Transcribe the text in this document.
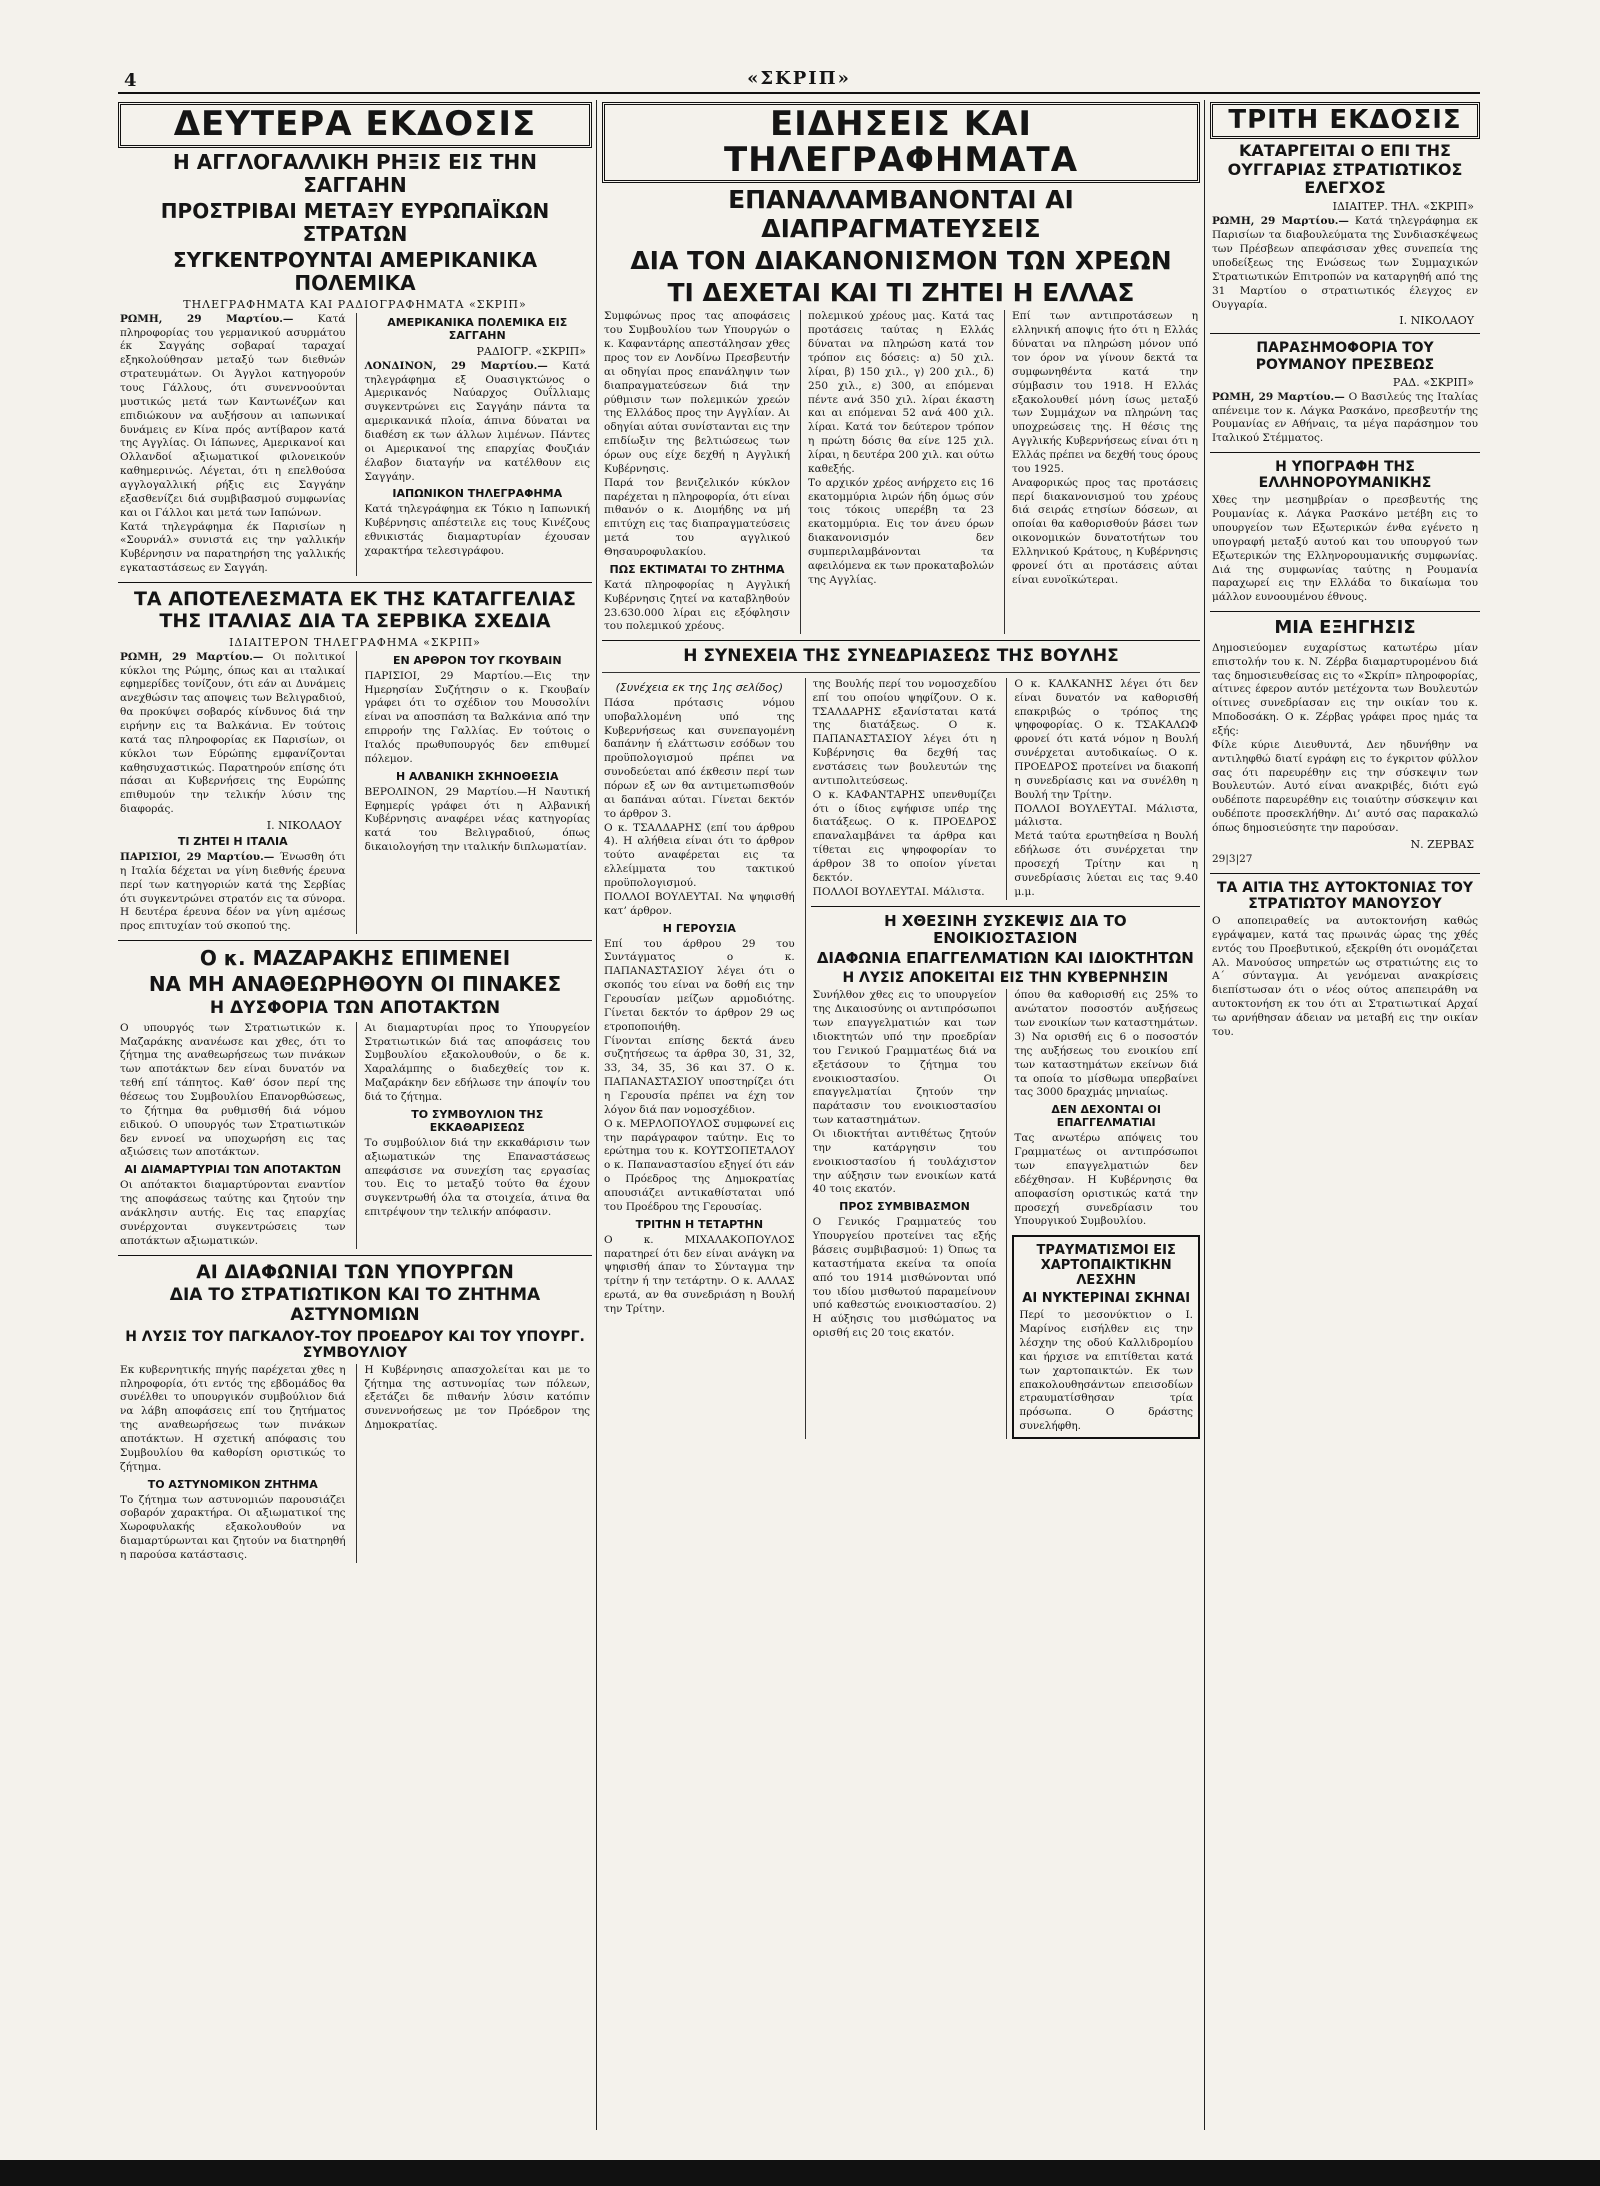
4	«ΣΚΡΙΠ»
ΔΕΥΤΕΡΑ ΕΚΔΟΣΙΣ
Η ΑΓΓΛΟΓΑΛΛΙΚΗ ΡΗΞΙΣ ΕΙΣ ΤΗΝ ΣΑΓΓΑΗΝ
ΠΡΟΣΤΡΙΒΑΙ ΜΕΤΑΞΥ ΕΥΡΩΠΑΪΚΩΝ ΣΤΡΑΤΩΝ
ΣΥΓΚΕΝΤΡΟΥΝΤΑΙ ΑΜΕΡΙΚΑΝΙΚΑ ΠΟΛΕΜΙΚΑ
ΤΗΛΕΓΡΑΦΗΜΑΤΑ ΚΑΙ ΡΑΔΙΟΓΡΑΦΗΜΑΤΑ «ΣΚΡΙΠ»

ΡΩΜΗ, 29 Μαρτίου.— Κατά πληροφορίας του γερμανικού ασυρμάτου έκ Σαγγάης σοβαραί ταραχαί εξηκολούθησαν μεταξύ των διεθνών στρατευμάτων. Οι Άγγλοι κατηγορούν τους Γάλλους, ότι συνεννοούνται μυστικώς μετά των Καντωνέζων και επιδιώκουν να αυξήσουν αι ιαπωνικαί δυνάμεις εν Κίνα πρός αντίβαρον κατά της Αγγλίας. Οι Ιάπωνες, Αμερικανοί και Ολλανδοί αξιωματικοί φιλονεικούν καθημερινώς. Λέγεται, ότι η επελθούσα αγγλογαλλική ρήξις εις Σαγγάην εξασθενίζει διά συμβιβασμού συμφωνίας και οι Γάλλοι και μετά των Ιαπώνων.

Κατά τηλεγράφημα έκ Παρισίων η «Σουρνάλ» συνιστά εις την γαλλικήν Κυβέρνησιν να παρατηρήση της γαλλικής εγκαταστάσεως εν Σαγγάη.

ΑΜΕΡΙΚΑΝΙΚΑ ΠΟΛΕΜΙΚΑ ΕΙΣ ΣΑΓΓΑΗΝ
ΡΑΔΙΟΓΡ. «ΣΚΡΙΠ»

ΛΟΝΔΙΝΟΝ, 29 Μαρτίου.— Κατά τηλεγράφημα εξ Ουασιγκτώνος ο Αμερικανός Ναύαρχος Ουΐλλιαμς συγκεντρώνει εις Σαγγάην πάντα τα αμερικανικά πλοία, άπινα δύναται να διαθέση εκ των άλλων λιμένων. Πάντες οι Αμερικανοί της επαρχίας Φουζιάν έλαβον διαταγήν να κατέλθουν εις Σαγγάην.

ΙΑΠΩΝΙΚΟΝ ΤΗΛΕΓΡΑΦΗΜΑ

Κατά τηλεγράφημα εκ Τόκιο η Ιαπωνική Κυβέρνησις απέστειλε εις τους Κινέζους εθνικιστάς διαμαρτυρίαν έχουσαν χαρακτήρα τελεσιγράφου.

ΤΑ ΑΠΟΤΕΛΕΣΜΑΤΑ ΕΚ ΤΗΣ ΚΑΤΑΓΓΕΛΙΑΣ ΤΗΣ ΙΤΑΛΙΑΣ ΔΙΑ ΤΑ ΣΕΡΒΙΚΑ ΣΧΕΔΙΑ
ΙΔΙΑΙΤΕΡΟΝ ΤΗΛΕΓΡΑΦΗΜΑ «ΣΚΡΙΠ»

ΡΩΜΗ, 29 Μαρτίου.— Οι πολιτικοί κύκλοι της Ρώμης, όπως και αι ιταλικαί εφημερίδες τονίζουν, ότι εάν αι Δυνάμεις ανεχθώσιν τας αποψεις των Βελιγραδιού, θα προκύψει σοβαρός κίνδυνος διά την ειρήνην εις τα Βαλκάνια. Εν τούτοις κατά τας πληροφορίας εκ Παρισίων, οι κύκλοι των Εύρώπης εμφανίζονται καθησυχαστικώς. Παρατηρούν επίσης ότι πάσαι αι Κυβερνήσεις της Ευρώπης επιθυμούν την τελικήν λύσιν της διαφοράς.

Ι. ΝΙΚΟΛΑΟΥ
ΤΙ ΖΗΤΕΙ Η ΙΤΑΛΙΑ

ΠΑΡΙΣΙΟΙ, 29 Μαρτίου.— Ένωσθη ότι η Ιταλία δέχεται να γίνη διεθνής έρευνα περί των κατηγοριών κατά της Σερβίας ότι συγκεντρώνει στρατόν εις τα σύνορα. Η δευτέρα έρευνα δέον να γίνη αμέσως προς επιτυχίαν τού σκοπού της.

ΕΝ ΑΡΘΡΟΝ ΤΟΥ ΓΚΟΥΒΑΙΝ

ΠΑΡΙΣΙΟΙ, 29 Μαρτίου.—Εις την Ημερησίαν Συζήτησιν ο κ. Γκουβαίν γράφει ότι το σχέδιον του Μουσολίνι είναι να αποσπάση τα Βαλκάνια από την επιρροήν της Γαλλίας. Εν τούτοις ο Ιταλός πρωθυπουργός δεν επιθυμεί πόλεμον.

Η ΑΛΒΑΝΙΚΗ ΣΚΗΝΟΘΕΣΙΑ

ΒΕΡΟΛΙΝΟΝ, 29 Μαρτίου.—Η Ναυτική Εφημερίς γράφει ότι η Αλβανική Κυβέρνησις αναφέρει νέας κατηγορίας κατά του Βελιγραδιού, όπως δικαιολογήση την ιταλικήν διπλωματίαν.

Ο κ. ΜΑΖΑΡΑΚΗΣ ΕΠΙΜΕΝΕΙ
ΝΑ ΜΗ ΑΝΑΘΕΩΡΗΘΟΥΝ ΟΙ ΠΙΝΑΚΕΣ
Η ΔΥΣΦΟΡΙΑ ΤΩΝ ΑΠΟΤΑΚΤΩΝ

Ο υπουργός των Στρατιωτικών κ. Μαζαράκης ανανέωσε και χθες, ότι το ζήτημα της αναθεωρήσεως των πινάκων των αποτάκτων δεν είναι δυνατόν να τεθή επί τάπητος. Καθ’ όσον περί της θέσεως του Συμβουλίου Επανορθώσεως, το ζήτημα θα ρυθμισθή διά νόμου ειδικού. Ο υπουργός των Στρατιωτικών δεν εννοεί να υποχωρήση εις τας αξιώσεις των αποτάκτων.

ΑΙ ΔΙΑΜΑΡΤΥΡΙΑΙ ΤΩΝ ΑΠΟΤΑΚΤΩΝ

Οι απότακτοι διαμαρτύρονται εναντίον της αποφάσεως ταύτης και ζητούν την ανάκλησιν αυτής. Εις τας επαρχίας συνέρχονται συγκεντρώσεις των αποτάκτων αξιωματικών.

Αι διαμαρτυρίαι προς το Υπουργείον Στρατιωτικών διά τας αποφάσεις του Συμβουλίου εξακολουθούν, ο δε κ. Χαραλάμπης ο διαδεχθείς τον κ. Μαζαράκην δεν εδήλωσε την άποψίν του διά το ζήτημα.

ΤΟ ΣΥΜΒΟΥΛΙΟΝ ΤΗΣ ΕΚΚΑΘΑΡΙΣΕΩΣ

Το συμβούλιον διά την εκκαθάρισιν των αξιωματικών της Επαναστάσεως απεφάσισε να συνεχίση τας εργασίας του. Εις το μεταξύ τούτο θα έχουν συγκεντρωθή όλα τα στοιχεία, άτινα θα επιτρέψουν την τελικήν απόφασιν.

ΑΙ ΔΙΑΦΩΝΙΑΙ ΤΩΝ ΥΠΟΥΡΓΩΝ
ΔΙΑ ΤΟ ΣΤΡΑΤΙΩΤΙΚΟΝ ΚΑΙ ΤΟ ΖΗΤΗΜΑ ΑΣΤΥΝΟΜΙΩΝ
Η ΛΥΣΙΣ ΤΟΥ ΠΑΓΚΑΛΟΥ-ΤΟΥ ΠΡΟΕΔΡΟΥ ΚΑΙ ΤΟΥ ΥΠΟΥΡΓ. ΣΥΜΒΟΥΛΙΟΥ

Εκ κυβερνητικής πηγής παρέχεται χθες η πληροφορία, ότι εντός της εβδομάδος θα συνέλθει το υπουργικόν συμβούλιον διά να λάβη αποφάσεις επί του ζητήματος της αναθεωρήσεως των πινάκων αποτάκτων. Η σχετική απόφασις του Συμβουλίου θα καθορίση οριστικώς το ζήτημα.

ΤΟ ΑΣΤΥΝΟΜΙΚΟΝ ΖΗΤΗΜΑ

Το ζήτημα των αστυνομιών παρουσιάζει σοβαρόν χαρακτήρα. Οι αξιωματικοί της Χωροφυλακής εξακολουθούν να διαμαρτύρωνται και ζητούν να διατηρηθή η παρούσα κατάστασις.

Η Κυβέρνησις απασχολείται και με το ζήτημα της αστυνομίας των πόλεων, εξετάζει δε πιθανήν λύσιν κατόπιν συνεννοήσεως με τον Πρόεδρον της Δημοκρατίας.

ΕΙΔΗΣΕΙΣ ΚΑΙ ΤΗΛΕΓΡΑΦΗΜΑΤΑ
ΕΠΑΝΑΛΑΜΒΑΝΟΝΤΑΙ ΑΙ ΔΙΑΠΡΑΓΜΑΤΕΥΣΕΙΣ
ΔΙΑ ΤΟΝ ΔΙΑΚΑΝΟΝΙΣΜΟΝ ΤΩΝ ΧΡΕΩΝ
ΤΙ ΔΕΧΕΤΑΙ ΚΑΙ ΤΙ ΖΗΤΕΙ Η ΕΛΛΑΣ

Συμφώνως προς τας αποφάσεις του Συμβουλίου των Υπουργών ο κ. Καφαντάρης απεστάλησαν χθες προς τον εν Λονδίνω Πρεσβευτήν αι οδηγίαι προς επανάληψιν των διαπραγματεύσεων διά την ρύθμισιν των πολεμικών χρεών της Ελλάδος προς την Αγγλίαν. Αι οδηγίαι αύται συνίστανται εις την επιδίωξιν της βελτιώσεως των όρων ους είχε δεχθή η Αγγλική Κυβέρνησις.

Παρά τον βενιζελικόν κύκλον παρέχεται η πληροφορία, ότι είναι πιθανόν ο κ. Διομήδης να μή επιτύχη εις τας διαπραγματεύσεις μετά του αγγλικού Θησαυροφυλακίου.

ΠΩΣ ΕΚΤΙΜΑΤΑΙ ΤΟ ΖΗΤΗΜΑ

Κατά πληροφορίας η Αγγλική Κυβέρνησις ζητεί να καταβληθούν 23.630.000 λίραι εις εξόφλησιν του πολεμικού χρέους.

πολεμικού χρέους μας. Κατά τας προτάσεις ταύτας η Ελλάς δύναται να πληρώση κατά τον τρόπον εις δόσεις: α) 50 χιλ. λίραι, β) 150 χιλ., γ) 200 χιλ., δ) 250 χιλ., ε) 300, αι επόμεναι πέντε ανά 350 χιλ. λίραι έκαστη και αι επόμεναι 52 ανά 400 χιλ. λίραι. Κατά τον δεύτερον τρόπον η πρώτη δόσις θα είνε 125 χιλ. λίραι, η δευτέρα 200 χιλ. και ούτω καθεξής.

Το αρχικόν χρέος ανήρχετο εις 16 εκατομμύρια λιρών ήδη όμως σύν τοις τόκοις υπερέβη τα 23 εκατομμύρια. Εις τον άνευ όρων διακανονισμόν δεν συμπεριλαμβάνονται τα αφειλόμενα εκ των προκαταβολών της Αγγλίας.

Επί των αντιπροτάσεων η ελληνική αποψις ήτο ότι η Ελλάς δύναται να πληρώση μόνον υπό τον όρον να γίνουν δεκτά τα συμφωνηθέντα κατά την σύμβασιν του 1918. Η Ελλάς εξακολουθεί μόνη ίσως μεταξύ των Συμμάχων να πληρώνη τας υποχρεώσεις της. Η θέσις της Αγγλικής Κυβερνήσεως είναι ότι η Ελλάς πρέπει να δεχθή τους όρους του 1925.

Αναφορικώς προς τας προτάσεις περί διακανονισμού του χρέους διά σειράς ετησίων δόσεων, αι οποίαι θα καθορισθούν βάσει των οικονομικών δυνατοτήτων του Ελληνικού Κράτους, η Κυβέρνησις φρονεί ότι αι προτάσεις αύται είναι ευνοϊκώτεραι.

Η ΣΥΝΕΧΕΙΑ ΤΗΣ ΣΥΝΕΔΡΙΑΣΕΩΣ ΤΗΣ ΒΟΥΛΗΣ
(Συνέχεια εκ της 1ης σελίδος)

Πάσα πρότασις νόμου υποβαλλομένη υπό της Κυβερνήσεως και συνεπαγομένη δαπάνην ή ελάττωσιν εσόδων του προϋπολογισμού πρέπει να συνοδεύεται από έκθεσιν περί των πόρων εξ ων θα αντιμετωπισθούν αι δαπάναι αύται. Γίνεται δεκτόν το άρθρον 3.

Ο κ. ΤΣΑΛΔΑΡΗΣ (επί του άρθρου 4). Η αλήθεια είναι ότι το άρθρον τούτο αναφέρεται εις τα ελλείμματα του τακτικού προϋπολογισμού.

ΠΟΛΛΟΙ ΒΟΥΛΕΥΤΑΙ. Να ψηφισθή κατ’ άρθρον.

Η ΓΕΡΟΥΣΙΑ

Επί του άρθρου 29 του Συντάγματος ο κ. ΠΑΠΑΝΑΣΤΑΣΙΟΥ λέγει ότι ο σκοπός του είναι να δοθή εις την Γερουσίαν μείζων αρμοδιότης. Γίνεται δεκτόν το άρθρον 29 ως ετροποποιήθη.

Γίνονται επίσης δεκτά άνευ συζητήσεως τα άρθρα 30, 31, 32, 33, 34, 35, 36 και 37. Ο κ. ΠΑΠΑΝΑΣΤΑΣΙΟΥ υποστηρίζει ότι η Γερουσία πρέπει να έχη τον λόγον διά παν νομοσχέδιον.

Ο κ. ΜΕΡΛΟΠΟΥΛΟΣ συμφωνεί εις την παράγραφον ταύτην. Εις το ερώτημα του κ. ΚΟΥΤΣΟΠΕΤΑΛΟΥ ο κ. Παπαναστασίου εξηγεί ότι εάν ο Πρόεδρος της Δημοκρατίας απουσιάζει αντικαθίσταται υπό του Προέδρου της Γερουσίας.

ΤΡΙΤΗΝ Η ΤΕΤΑΡΤΗΝ

Ο κ. ΜΙΧΑΛΑΚΟΠΟΥΛΟΣ παρατηρεί ότι δεν είναι ανάγκη να ψηφισθή άπαν το Σύνταγμα την τρίτην ή την τετάρτην. Ο κ. ΑΛΛΑΣ ερωτά, αν θα συνεδριάση η Βουλή την Τρίτην.

της Βουλής περί του νομοσχεδίου επί του οποίου ψηφίζουν. Ο κ. ΤΣΑΛΔΑΡΗΣ εξανίσταται κατά της διατάξεως. Ο κ. ΠΑΠΑΝΑΣΤΑΣΙΟΥ λέγει ότι η Κυβέρνησις θα δεχθή τας ενστάσεις των βουλευτών της αντιπολιτεύσεως.

Ο κ. ΚΑΦΑΝΤΑΡΗΣ υπενθυμίζει ότι ο ίδιος εψήφισε υπέρ της διατάξεως. Ο κ. ΠΡΟΕΔΡΟΣ επαναλαμβάνει τα άρθρα και τίθεται εις ψηφοφορίαν το άρθρον 38 το οποίον γίνεται δεκτόν.

ΠΟΛΛΟΙ ΒΟΥΛΕΥΤΑΙ. Μάλιστα.

Ο κ. ΚΑΛΚΑΝΗΣ λέγει ότι δεν είναι δυνατόν να καθορισθή επακριβώς ο τρόπος της ψηφοφορίας. Ο κ. ΤΣΑΚΑΛΩΦ φρονεί ότι κατά νόμον η Βουλή συνέρχεται αυτοδικαίως. Ο κ. ΠΡΟΕΔΡΟΣ προτείνει να διακοπή η συνεδρίασις και να συνέλθη η Βουλή την Τρίτην.

ΠΟΛΛΟΙ ΒΟΥΛΕΥΤΑΙ. Μάλιστα, μάλιστα.

Μετά ταύτα ερωτηθείσα η Βουλή εδήλωσε ότι συνέρχεται την προσεχή Τρίτην και η συνεδρίασις λύεται εις τας 9.40 μ.μ.

Η ΧΘΕΣΙΝΗ ΣΥΣΚΕΨΙΣ ΔΙΑ ΤΟ ΕΝΟΙΚΙΟΣΤΑΣΙΟΝ
ΔΙΑΦΩΝΙΑ ΕΠΑΓΓΕΛΜΑΤΙΩΝ ΚΑΙ ΙΔΙΟΚΤΗΤΩΝ
Η ΛΥΣΙΣ ΑΠΟΚΕΙΤΑΙ ΕΙΣ ΤΗΝ ΚΥΒΕΡΝΗΣΙΝ

Συνήλθον χθες εις το υπουργείον της Δικαιοσύνης οι αντιπρόσωποι των επαγγελματιών και των ιδιοκτητών υπό την προεδρίαν του Γενικού Γραμματέως διά να εξετάσουν το ζήτημα του ενοικιοστασίου. Οι επαγγελματίαι ζητούν την παράτασιν του ενοικιοστασίου των καταστημάτων.

Οι ιδιοκτήται αντιθέτως ζητούν την κατάργησιν του ενοικιοστασίου ή τουλάχιστον την αύξησιν των ενοικίων κατά 40 τοις εκατόν.

ΠΡΟΣ ΣΥΜΒΙΒΑΣΜΟΝ

Ο Γενικός Γραμματεύς του Υπουργείου προτείνει τας εξής βάσεις συμβιβασμού: 1) Όπως τα καταστήματα εκείνα τα οποία από του 1914 μισθώνονται υπό του ιδίου μισθωτού παραμείνουν υπό καθεστώς ενοικιοστασίου. 2) Η αύξησις του μισθώματος να ορισθή εις 20 τοις εκατόν.

όπου θα καθορισθή εις 25% το ανώτατον ποσοστόν αυξήσεως των ενοικίων των καταστημάτων. 3) Να ορισθή εις 6 ο ποσοστόν της αυξήσεως του ενοικίου επί των καταστημάτων εκείνων διά τα οποία το μίσθωμα υπερβαίνει τας 3000 δραχμάς μηνιαίως.

ΔΕΝ ΔΕΧΟΝΤΑΙ ΟΙ ΕΠΑΓΓΕΛΜΑΤΙΑΙ

Τας ανωτέρω απόψεις του Γραμματέως οι αντιπρόσωποι των επαγγελματιών δεν εδέχθησαν. Η Κυβέρνησις θα αποφασίση οριστικώς κατά την προσεχή συνεδρίασιν του Υπουργικού Συμβουλίου.

ΤΡΑΥΜΑΤΙΣΜΟΙ ΕΙΣ ΧΑΡΤΟΠΑΙΚΤΙΚΗΝ ΛΕΣΧΗΝ
ΑΙ ΝΥΚΤΕΡΙΝΑΙ ΣΚΗΝΑΙ

Περί το μεσονύκτιον ο Ι. Μαρίνος εισήλθεν εις την λέσχην της οδού Καλλιδρομίου και ήρχισε να επιτίθεται κατά των χαρτοπαικτών. Εκ των επακολουθησάντων επεισοδίων ετραυματίσθησαν τρία πρόσωπα. Ο δράστης συνελήφθη.

ΤΡΙΤΗ ΕΚΔΟΣΙΣ
ΚΑΤΑΡΓΕΙΤΑΙ Ο ΕΠΙ ΤΗΣ ΟΥΓΓΑΡΙΑΣ ΣΤΡΑΤΙΩΤΙΚΟΣ ΕΛΕΓΧΟΣ
ΙΔΙΑΙΤΕΡ. ΤΗΛ. «ΣΚΡΙΠ»

ΡΩΜΗ, 29 Μαρτίου.— Κατά τηλεγράφημα εκ Παρισίων τα διαβουλεύματα της Συνδιασκέψεως των Πρέσβεων απεφάσισαν χθες συνεπεία της υποδείξεως της Ενώσεως των Συμμαχικών Στρατιωτικών Επιτροπών να καταργηθή από της 31 Μαρτίου ο στρατιωτικός έλεγχος εν Ουγγαρία.

Ι. ΝΙΚΟΛΑΟΥ
ΠΑΡΑΣΗΜΟΦΟΡΙΑ ΤΟΥ ΡΟΥΜΑΝΟΥ ΠΡΕΣΒΕΩΣ
ΡΑΔ. «ΣΚΡΙΠ»

ΡΩΜΗ, 29 Μαρτίου.— Ο Βασιλεύς της Ιταλίας απένειμε τον κ. Λάγκα Ρασκάνο, πρεσβευτήν της Ρουμανίας εν Αθήναις, τα μέγα παράσημον του Ιταλικού Στέμματος.

Η ΥΠΟΓΡΑΦΗ ΤΗΣ ΕΛΛΗΝΟΡΟΥΜΑΝΙΚΗΣ

Χθες την μεσημβρίαν ο πρεσβευτής της Ρουμανίας κ. Λάγκα Ρασκάνο μετέβη εις το υπουργείον των Εξωτερικών ένθα εγένετο η υπογραφή μεταξύ αυτού και του υπουργού των Εξωτερικών της Ελληνορουμανικής συμφωνίας. Διά της συμφωνίας ταύτης η Ρουμανία παραχωρεί εις την Ελλάδα το δικαίωμα του μάλλον ευνοουμένου έθνους.

ΜΙΑ ΕΞΗΓΗΣΙΣ

Δημοσιεύομεν ευχαρίστως κατωτέρω μίαν επιστολήν του κ. Ν. Ζέρβα διαμαρτυρομένου διά τας δημοσιευθείσας εις το «Σκρίπ» πληροφορίας, αίτινες έφερον αυτόν μετέχοντα των Βουλευτών οίτινες συνεδρίασαν εις την οικίαν του κ. Μποδοσάκη. Ο κ. Ζέρβας γράφει προς ημάς τα εξής:

Φίλε κύριε Διευθυντά, Δεν ηδυνήθην να αντιληφθώ διατί εγράφη εις το έγκριτον φύλλον σας ότι παρευρέθην εις την σύσκεψιν των Βουλευτών. Αυτό είναι ανακριβές, διότι εγώ ουδέποτε παρευρέθην εις τοιαύτην σύσκεψιν και ουδέποτε προσεκλήθην. Δι’ αυτό σας παρακαλώ όπως δημοσιεύσητε την παρούσαν.

Ν. ΖΕΡΒΑΣ
29|3|27
ΤΑ ΑΙΤΙΑ ΤΗΣ ΑΥΤΟΚΤΟΝΙΑΣ ΤΟΥ ΣΤΡΑΤΙΩΤΟΥ ΜΑΝΟΥΣΟΥ

Ο αποπειραθείς να αυτοκτονήση καθώς εγράψαμεν, κατά τας πρωινάς ώρας της χθές εντός του Προεβυτικού, εξεκρίθη ότι ονομάζεται Αλ. Μανούσος υπηρετών ως στρατιώτης εις το Α΄ σύνταγμα. Αι γενόμεναι ανακρίσεις διεπίστωσαν ότι ο νέος ούτος απεπειράθη να αυτοκτονήση εκ του ότι αι Στρατιωτικαί Αρχαί τω αρνήθησαν άδειαν να μεταβή εις την οικίαν του.
